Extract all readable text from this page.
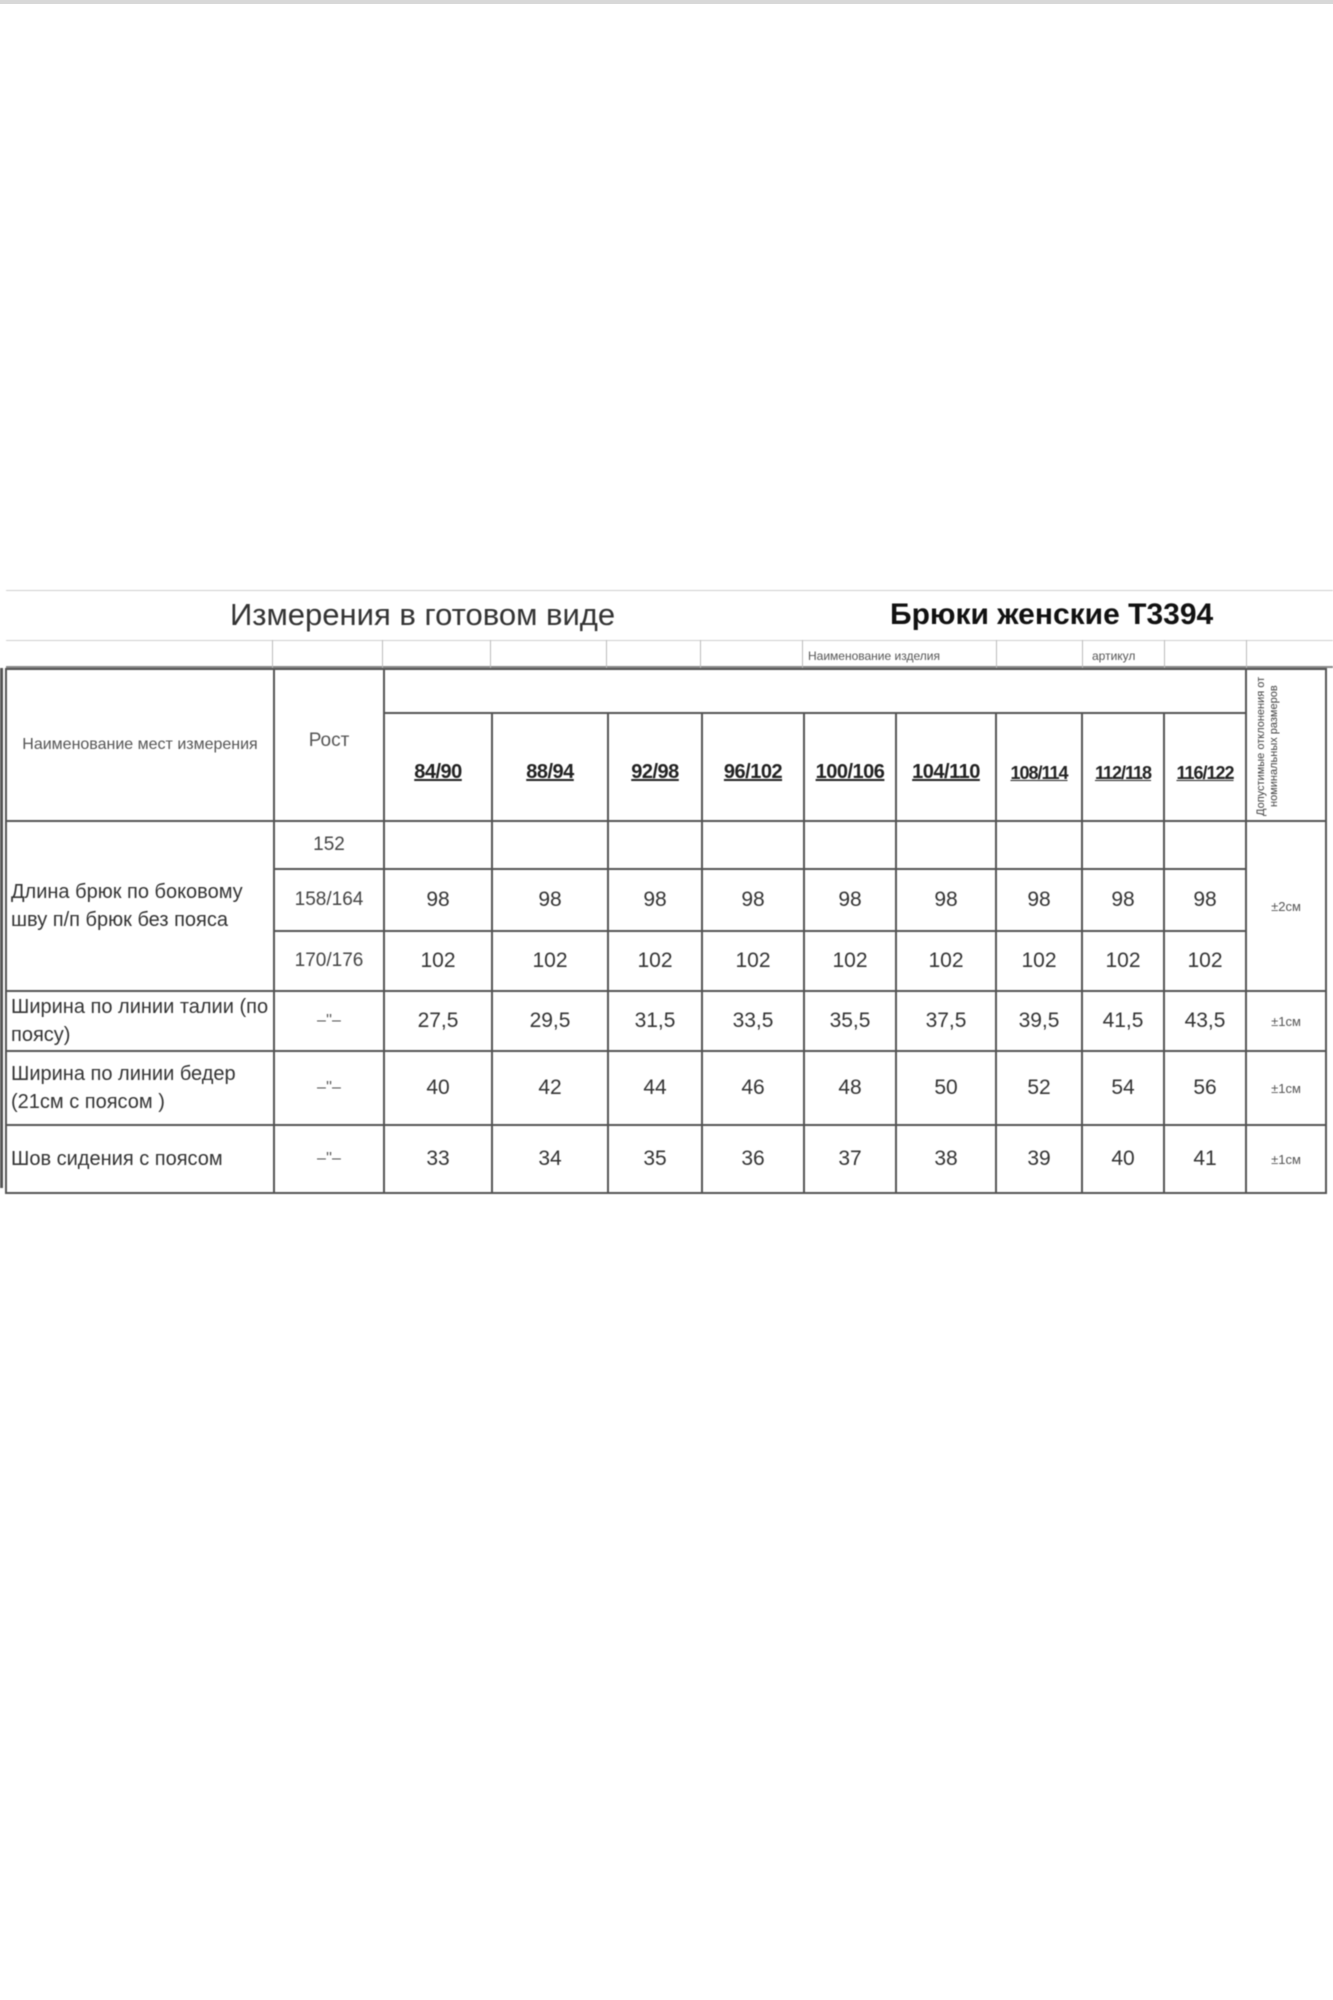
Измерения в готовом виде	Брюки женские Т3394
Наименование изделия	артикул
Наименование мест измерения	Рост										Допустимые отклонения от номинальных размеров

		84/90	88/94	92/98	96/102	100/106	104/110	108/114	112/118	116/122	
Длина брюк по боковому шву п/п брюк без пояса	152										±2см
	158/164	98	98	98	98	98	98	98	98	98	
	170/176	102	102	102	102	102	102	102	102	102	
Ширина по линии талии (по поясу)	–''–	27,5	29,5	31,5	33,5	35,5	37,5	39,5	41,5	43,5	±1см
Ширина по линии бедер (21см с поясом )	–''–	40	42	44	46	48	50	52	54	56	±1см
Шов сидения с поясом	–''–	33	34	35	36	37	38	39	40	41	±1см
